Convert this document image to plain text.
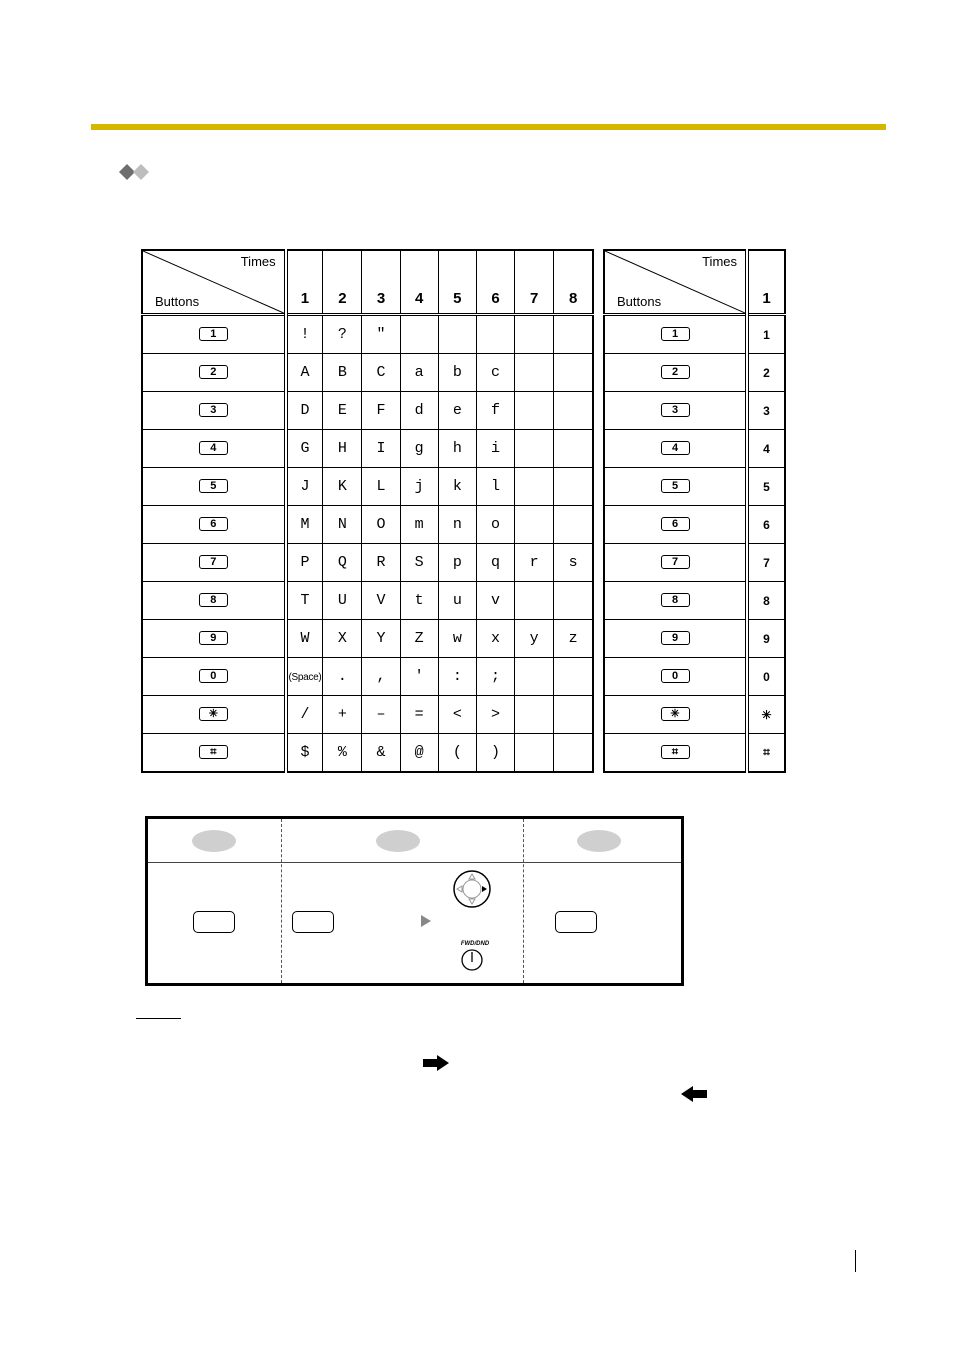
Times
Buttons	1	2	3	4	5	6	7	8
1	!	?	"					
2	A	B	C	a	b	c		
3	D	E	F	d	e	f		
4	G	H	I	g	h	i		
5	J	K	L	j	k	l		
6	M	N	O	m	n	o		
7	P	Q	R	S	p	q	r	s
8	T	U	V	t	u	v		
9	W	X	Y	Z	w	x	y	z
0	(Space)	.	,	'	:	;		
✳	/	+	–	=	<	>		
⌗	$	%	&	@	(	)		
Times
Buttons	1
1	1
2	2
3	3
4	4
5	5
6	6
7	7
8	8
9	9
0	0
✳	✳
⌗	⌗
FWD/DND
